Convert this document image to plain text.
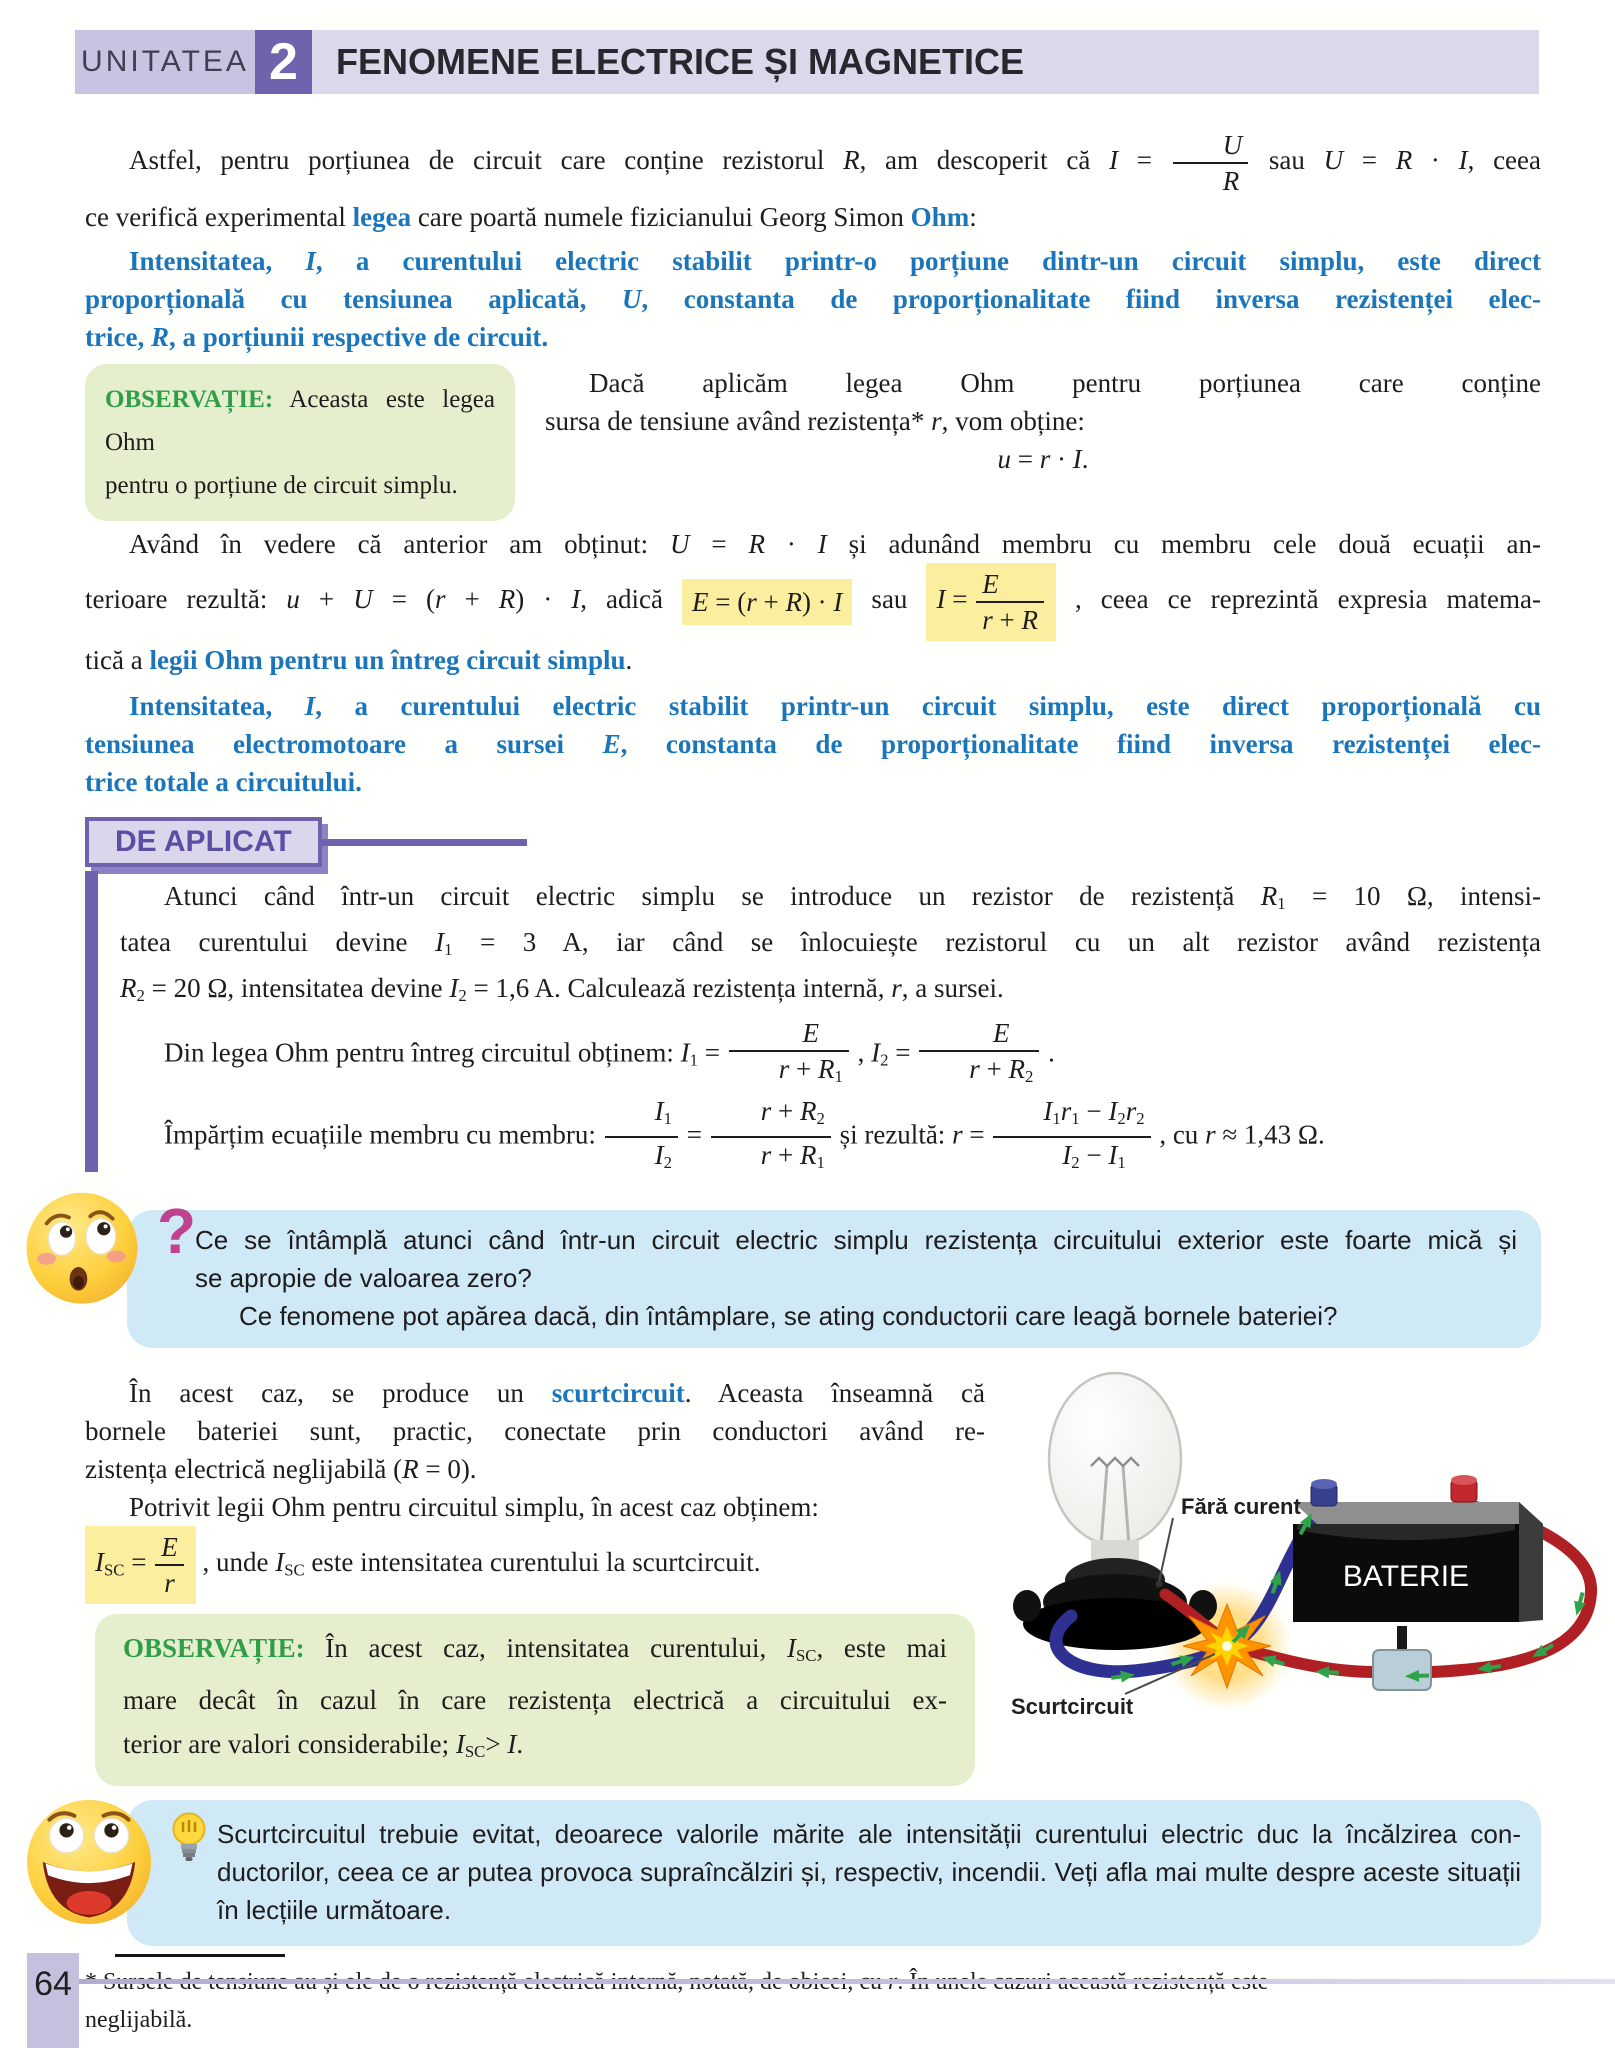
UNITATEA 2	FENOMENE ELECTRICE ȘI MAGNETICE
Astfel, pentru porțiunea de circuit care conține rezistorul R, am descoperit că $I = \frac{U}{R}$ sau U = R · I, ceea
ce verifică experimental legea care poartă numele fizicianului Georg Simon Ohm:
Intensitatea, I, a curentului electric stabilit printr-o porțiune dintr-un circuit simplu, este direct
proporțională cu tensiunea aplicată, U, constanta de proporționalitate fiind inversa rezistenței elec-
trice, R, a porțiunii respective de circuit.
OBSERVAȚIE: Aceasta este legea Ohm
pentru o porțiune de circuit simplu.
Dacă aplicăm legea Ohm pentru porțiunea care conține
sursa de tensiune având rezistența* r, vom obține:
u = r · I.
Având în vedere că anterior am obținut: U = R · I și adunând membru cu membru cele două ecuații an-
terioare rezultă: u + U = (r + R) · I, adică E = (r + R) · I sau $I = \frac{E}{r + R}$ , ceea ce reprezintă expresia matema-
tică a legii Ohm pentru un întreg circuit simplu.
Intensitatea, I, a curentului electric stabilit printr-un circuit simplu, este direct proporțională cu
tensiunea electromotoare a sursei E, constanta de proporționalitate fiind inversa rezistenței elec-
trice totale a circuitului.
DE APLICAT
Atunci când într-un circuit electric simplu se introduce un rezistor de rezistență $R_1 = 10$ Ω, intensi-
tatea curentului devine $I_1 = 3$ A, iar când se înlocuiește rezistorul cu un alt rezistor având rezistența
$R_2 = 20$ Ω, intensitatea devine $I_2 = 1,6$ A. Calculează rezistența internă, r, a sursei.
Din legea Ohm pentru întreg circuitul obținem: $I_1 = \frac{E}{r + R_1}$ , $I_2 = \frac{E}{r + R_2}$ .
Împărțim ecuațiile membru cu membru: $\frac{I_1}{I_2} = \frac{r + R_2}{r + R_1}$ și rezultă: $r = \frac{I_1r_1 - I_2r_2}{I_2 - I_1}$ , cu r ≈ 1,43 Ω.
?
Ce se întâmplă atunci când într-un circuit electric simplu rezistența circuitului exterior este foarte mică și
se apropie de valoarea zero?
Ce fenomene pot apărea dacă, din întâmplare, se ating conductorii care leagă bornele bateriei?
În acest caz, se produce un scurtcircuit. Aceasta înseamnă că
bornele bateriei sunt, practic, conectate prin conductori având re-
zistența electrică neglijabilă (R = 0).
Potrivit legii Ohm pentru circuitul simplu, în acest caz obținem:
$I_{SC} = \frac{E}{r}$ , unde $I_{SC}$ este intensitatea curentului la scurtcircuit.	BATERIE
Fără curent
Scurtcircuit
OBSERVAȚIE: În acest caz, intensitatea curentului, $I_{SC}$, este mai
mare decât în cazul în care rezistența electrică a circuitului ex-
terior are valori considerabile; $I_{SC}> I$.
Scurtcircuitul trebuie evitat, deoarece valorile mărite ale intensității curentului electric duc la încălzirea con-
ductorilor, ceea ce ar putea provoca supraîncălziri și, respectiv, incendii. Veți afla mai multe despre aceste situații
în lecțiile următoare.
neglijabilă.
64
